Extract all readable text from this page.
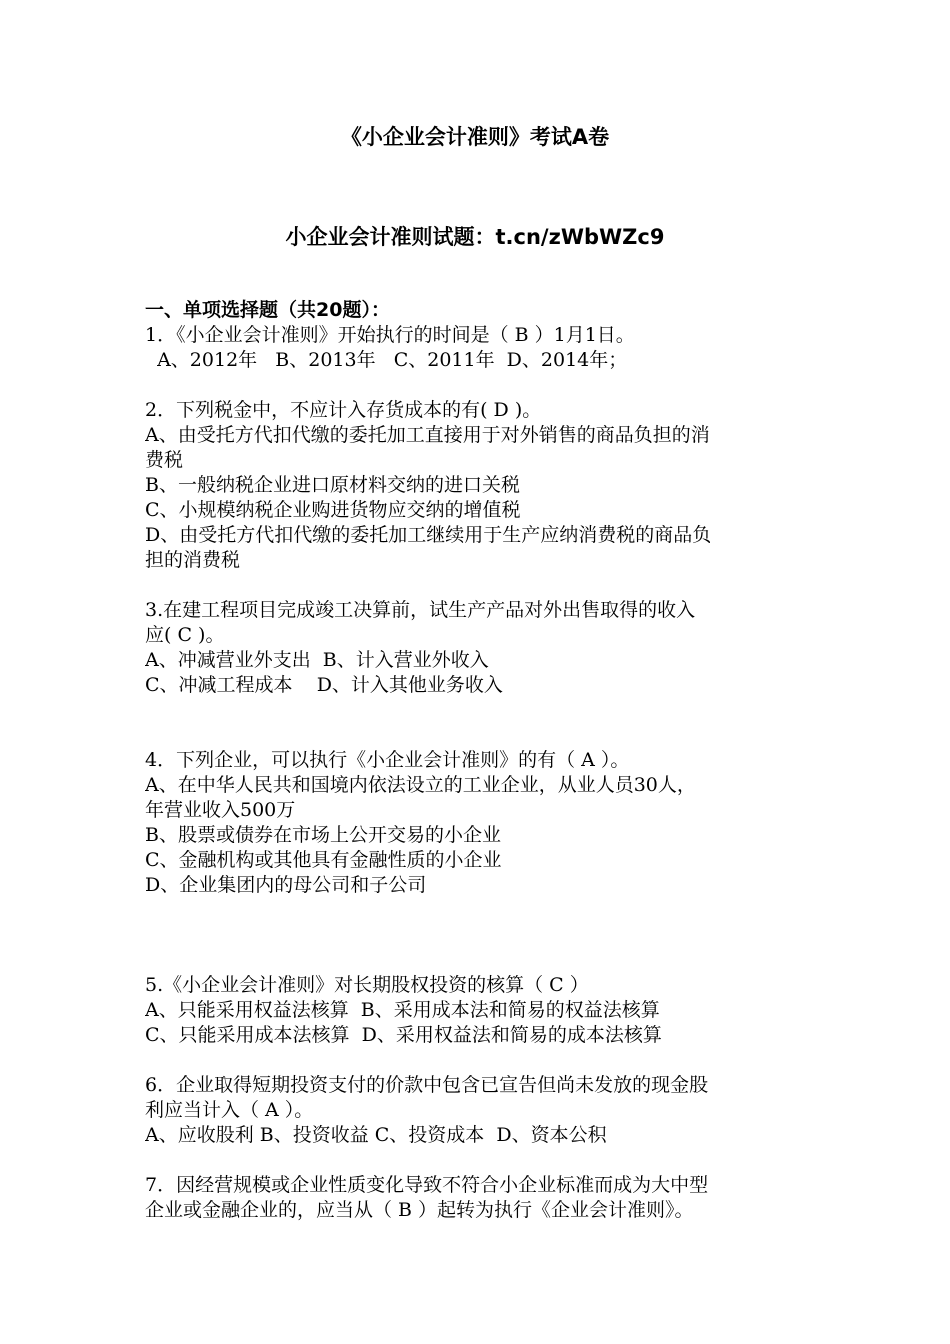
《小企业会计准则》考试A卷
小企业会计准则试题：t.cn/zWbWZc9
一、单项选择题（共20题）：
1．《小企业会计准则》开始执行的时间是（ B ）1月1日。
A、2012年   B、2013年   C、2011年  D、2014年；
2．下列税金中，不应计入存货成本的有( D )。
A、由受托方代扣代缴的委托加工直接用于对外销售的商品负担的消
费税
B、一般纳税企业进口原材料交纳的进口关税
C、小规模纳税企业购进货物应交纳的增值税
D、由受托方代扣代缴的委托加工继续用于生产应纳消费税的商品负
担的消费税
3.在建工程项目完成竣工决算前，试生产产品对外出售取得的收入
应( C )。
A、冲减营业外支出  B、计入营业外收入
C、冲减工程成本    D、计入其他业务收入
4．下列企业，可以执行《小企业会计准则》的有（ A ）。
A、在中华人民共和国境内依法设立的工业企业，从业人员30人，
年营业收入500万
B、股票或债券在市场上公开交易的小企业
C、金融机构或其他具有金融性质的小企业
D、企业集团内的母公司和子公司
5.《小企业会计准则》对长期股权投资的核算（ C ）
A、只能采用权益法核算  B、采用成本法和简易的权益法核算
C、只能采用成本法核算  D、采用权益法和简易的成本法核算
6．企业取得短期投资支付的价款中包含已宣告但尚未发放的现金股
利应当计入（ A ）。
A、应收股利 B、投资收益 C、投资成本  D、资本公积
7．因经营规模或企业性质变化导致不符合小企业标准而成为大中型
企业或金融企业的，应当从（ B ）起转为执行《企业会计准则》。
